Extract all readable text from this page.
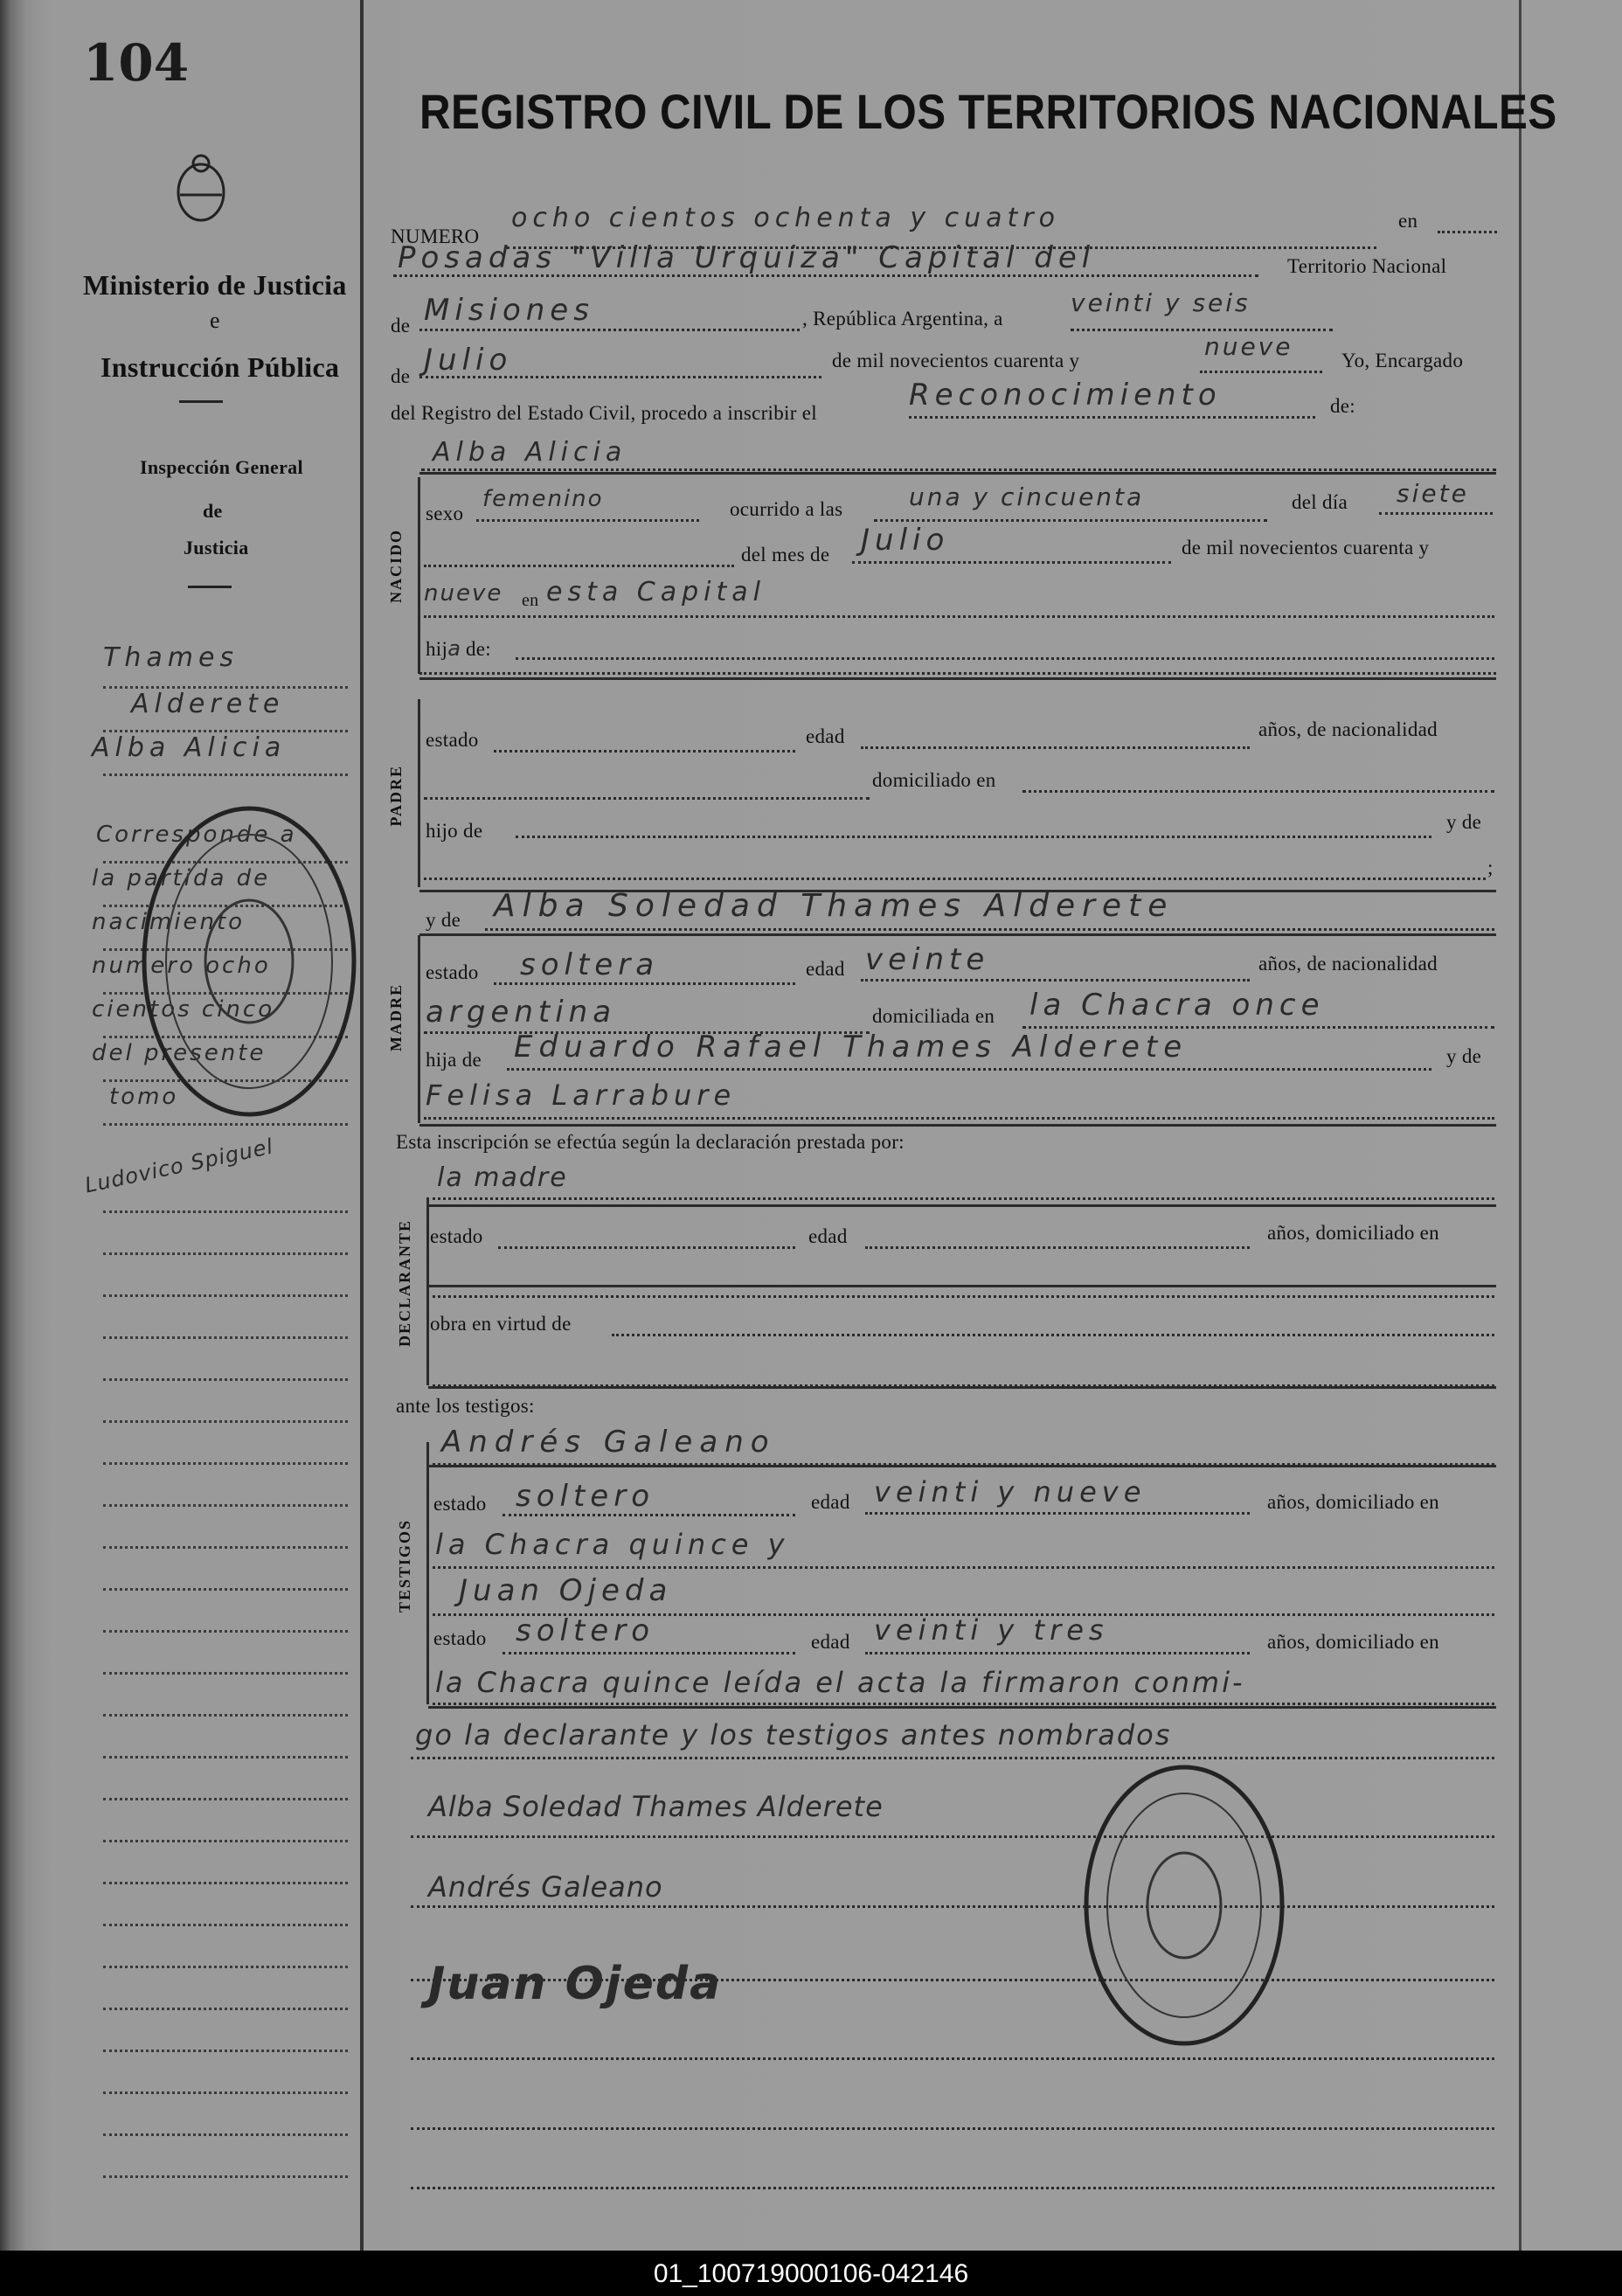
104
Ministerio de Justicia
e
Instrucción Pública
Inspección General
de
Justicia
Thames
Alderete
Alba Alicia
Corresponde a
la partida de
nacimiento
numero ocho
cientos cinco
del presente
tomo
Ludovico Spiguel
REGISTRO CIVIL DE LOS TERRITORIOS NACIONALES
NUMERO
ocho cientos ochenta y cuatro	en
Posadas "Villa Urquiza" Capital del	Territorio Nacional
de Misiones	, República Argentina, a
veinti y seis
de Julio	de mil novecientos cuarenta y	nueve Yo, Encargado
del Registro del Estado Civil, procedo a inscribir el
Reconocimiento	de:
Alba Alicia
NACIDO
sexo
femenino	ocurrido a las	una y cincuenta	del día siete
del mes de Julio	de mil novecientos cuarenta y
nueve en esta Capital
hija de:
PADRE
estado	edad	años, de nacionalidad
domiciliado en
hijo de	y de
;
y de Alba Soledad Thames Alderete
MADRE
estado soltera	edad veinte	años, de nacionalidad
argentina	domiciliada en la Chacra once
hija de Eduardo Rafael Thames Alderete	y de
Felisa Larrabure
Esta inscripción se efectúa según la declaración prestada por:
la madre
DECLARANTE estado	edad	años, domiciliado en
obra en virtud de
ante los testigos:
Andrés Galeano
TESTIGOS
estado soltero	edad veinti y nueve	años, domiciliado en
la Chacra quince y
Juan Ojeda
estado soltero	edad veinti y tres	años, domiciliado en
la Chacra quince leída el acta la firmaron conmi-
go la declarante y los testigos antes nombrados
Alba Soledad Thames Alderete
Andrés Galeano
Juan Ojeda
01_100719000106-042146
